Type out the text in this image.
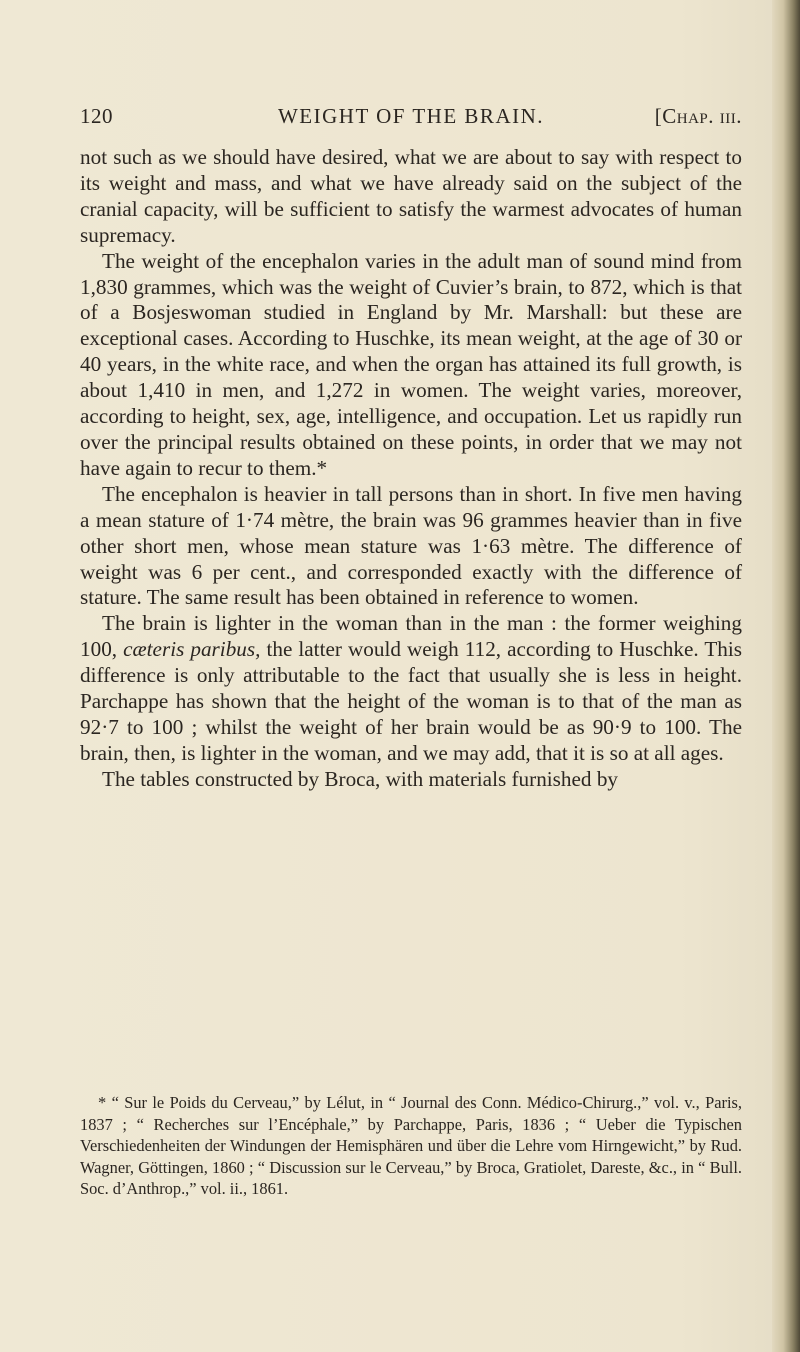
120	WEIGHT OF THE BRAIN.	[Chap. iii.

not such as we should have desired, what we are about to say with respect to its weight and mass, and what we have already said on the subject of the cranial capacity, will be sufficient to satisfy the warmest advocates of human supremacy.

The weight of the encephalon varies in the adult man of sound mind from 1,830 grammes, which was the weight of Cuvier’s brain, to 872, which is that of a Bosjeswoman studied in England by Mr. Marshall: but these are exceptional cases. According to Huschke, its mean weight, at the age of 30 or 40 years, in the white race, and when the organ has attained its full growth, is about 1,410 in men, and 1,272 in women. The weight varies, moreover, according to height, sex, age, intelligence, and occupation. Let us rapidly run over the principal results obtained on these points, in order that we may not have again to recur to them.*

The encephalon is heavier in tall persons than in short. In five men having a mean stature of 1·74 mètre, the brain was 96 grammes heavier than in five other short men, whose mean stature was 1·63 mètre. The difference of weight was 6 per cent., and corresponded exactly with the difference of stature. The same result has been obtained in reference to women.

The brain is lighter in the woman than in the man : the former weighing 100, cæteris paribus, the latter would weigh 112, according to Huschke. This difference is only attributable to the fact that usually she is less in height. Parchappe has shown that the height of the woman is to that of the man as 92·7 to 100 ; whilst the weight of her brain would be as 90·9 to 100. The brain, then, is lighter in the woman, and we may add, that it is so at all ages.

The tables constructed by Broca, with materials furnished by

* “ Sur le Poids du Cerveau,” by Lélut, in “ Journal des Conn. Médico-Chirurg.,” vol. v., Paris, 1837 ; “ Recherches sur l’Encéphale,” by Parchappe, Paris, 1836 ; “ Ueber die Typischen Verschiedenheiten der Windungen der Hemisphären und über die Lehre vom Hirngewicht,” by Rud. Wagner, Göttingen, 1860 ; “ Discussion sur le Cerveau,” by Broca, Gratiolet, Dareste, &c., in “ Bull. Soc. d’Anthrop.,” vol. ii., 1861.
